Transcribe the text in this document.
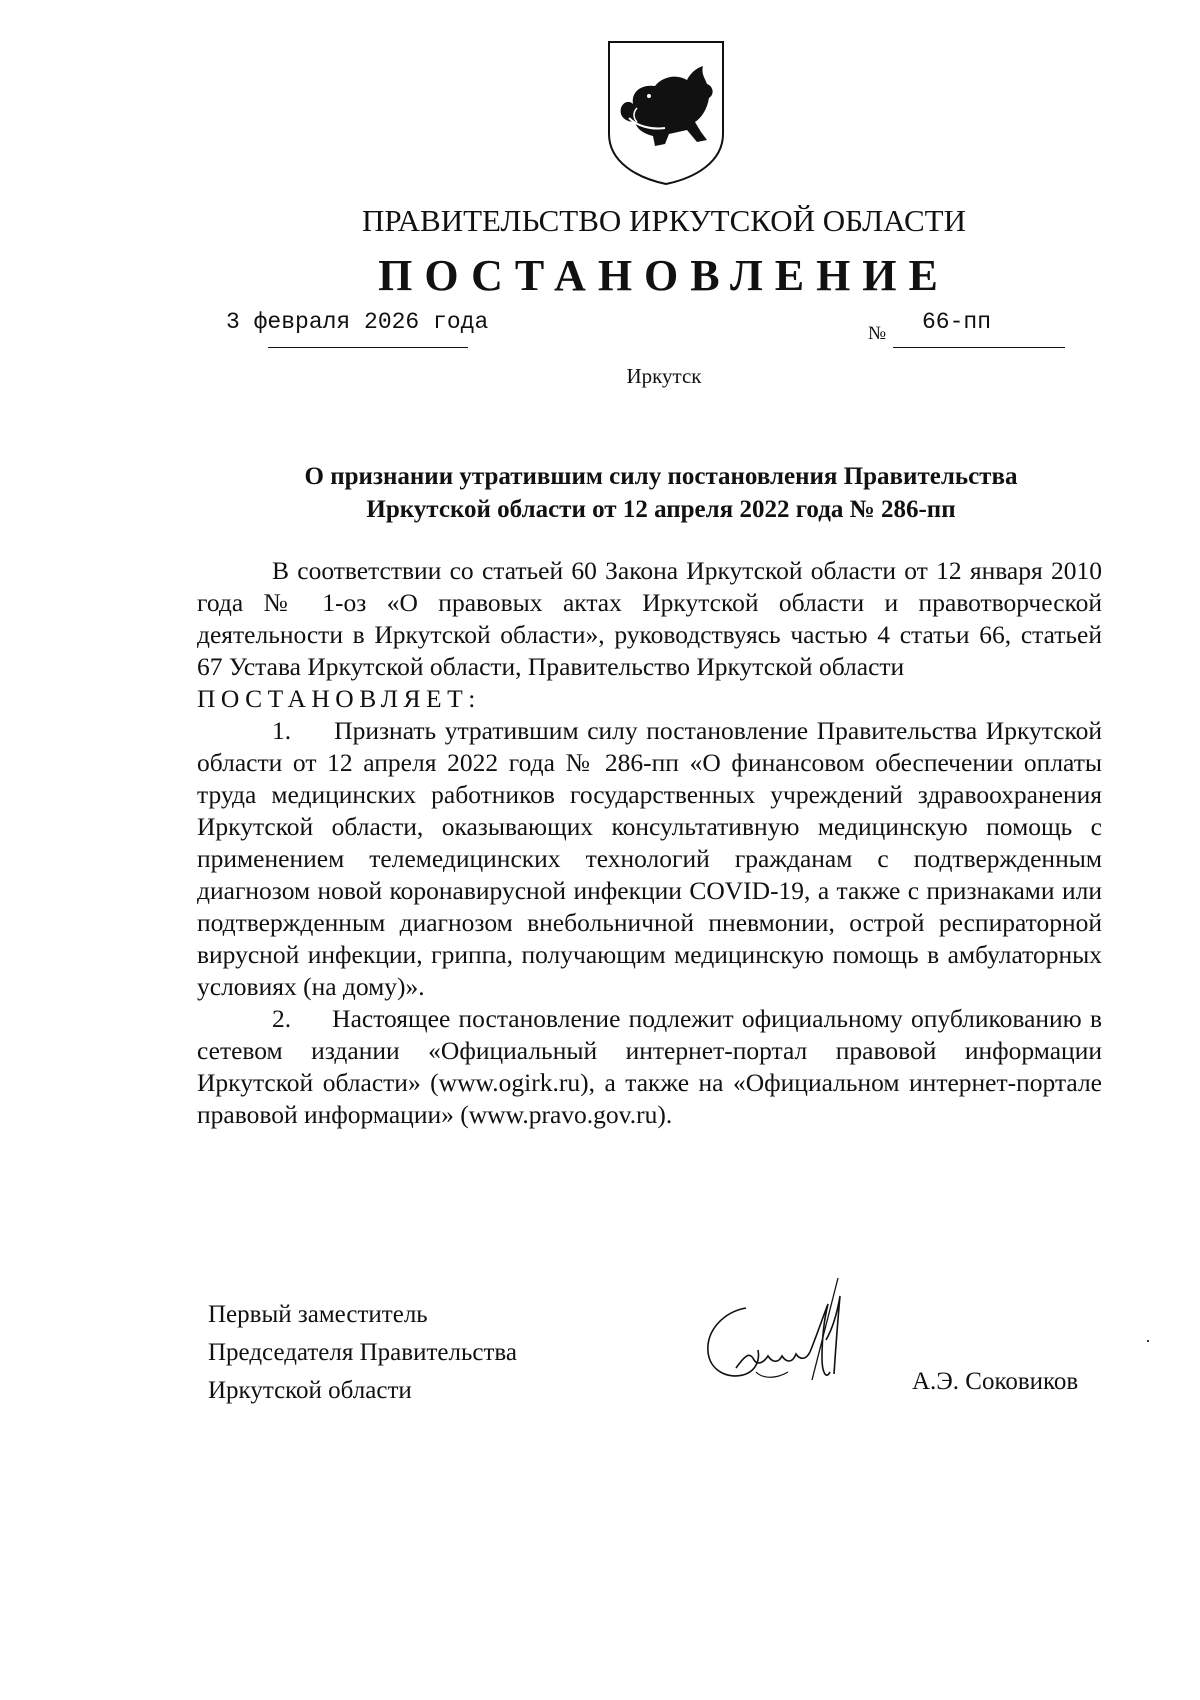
ПРАВИТЕЛЬСТВО ИРКУТСКОЙ ОБЛАСТИ
ПОСТАНОВЛЕНИЕ
3 февраля 2026 года	№ 66-пп
Иркутск
О признании утратившим силу постановления Правительства
Иркутской области от 12 апреля 2022 года № 286-пп

В соответствии со статьей 60 Закона Иркутской области от 12 января 2010 года № 1-оз «О правовых актах Иркутской области и правотворческой деятельности в Иркутской области», руководствуясь частью 4 статьи 66, статьей 67 Устава Иркутской области, Правительство Иркутской области

ПОСТАНОВЛЯЕТ:

1. Признать утратившим силу постановление Правительства Иркутской области от 12 апреля 2022 года № 286-пп «О финансовом обеспечении оплаты труда медицинских работников государственных учреждений здравоохранения Иркутской области, оказывающих консультативную медицинскую помощь с применением телемедицинских технологий гражданам с подтвержденным диагнозом новой коронавирусной инфекции COVID-19, а также с признаками или подтвержденным диагнозом внебольничной пневмонии, острой респираторной вирусной инфекции, гриппа, получающим медицинскую помощь в амбулаторных условиях (на дому)».

2. Настоящее постановление подлежит официальному опубликованию в сетевом издании «Официальный интернет-портал правовой информации Иркутской области» (www.ogirk.ru), а также на «Официальном интернет-портале правовой информации» (www.pravo.gov.ru).

Первый заместитель
Председателя Правительства
Иркутской области	А.Э. Соковиков
